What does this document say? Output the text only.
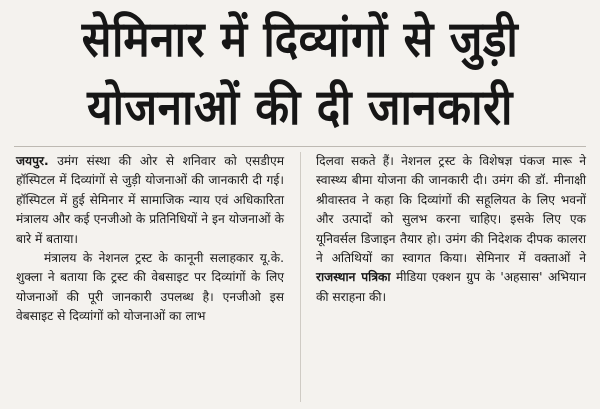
सेमिनार में दिव्यांगों से जुड़ी
योजनाओं की दी जानकारी

जयपुर. उमंग संस्था की ओर से शनिवार को एसडीएम हॉस्पिटल में दिव्यांगों से जुड़ी योजनाओं की जानकारी दी गई। हॉस्पिटल में हुई सेमिनार में सामाजिक न्याय एवं अधिकारिता मंत्रालय और कई एनजीओ के प्रतिनिधियों ने इन योजनाओं के बारे में बताया।

मंत्रालय के नेशनल ट्रस्ट के कानूनी सलाहकार यू.के. शुक्ला ने बताया कि ट्रस्ट की वेबसाइट पर दिव्यांगों के लिए योजनाओं की पूरी जानकारी उपलब्ध है। एनजीओ इस वेबसाइट से दिव्यांगों को योजनाओं का लाभ

दिलवा सकते हैं। नेशनल ट्रस्ट के विशेषज्ञ पंकज मारू ने स्वास्थ्य बीमा योजना की जानकारी दी। उमंग की डॉ. मीनाक्षी श्रीवास्तव ने कहा कि दिव्यांगों की सहूलियत के लिए भवनों और उत्पादों को सुलभ करना चाहिए। इसके लिए एक यूनिवर्सल डिजाइन तैयार हो। उमंग की निदेशक दीपक कालरा ने अतिथियों का स्वागत किया। सेमिनार में वक्ताओं ने राजस्थान पत्रिका मीडिया एक्शन ग्रुप के 'अहसास' अभियान की सराहना की।
